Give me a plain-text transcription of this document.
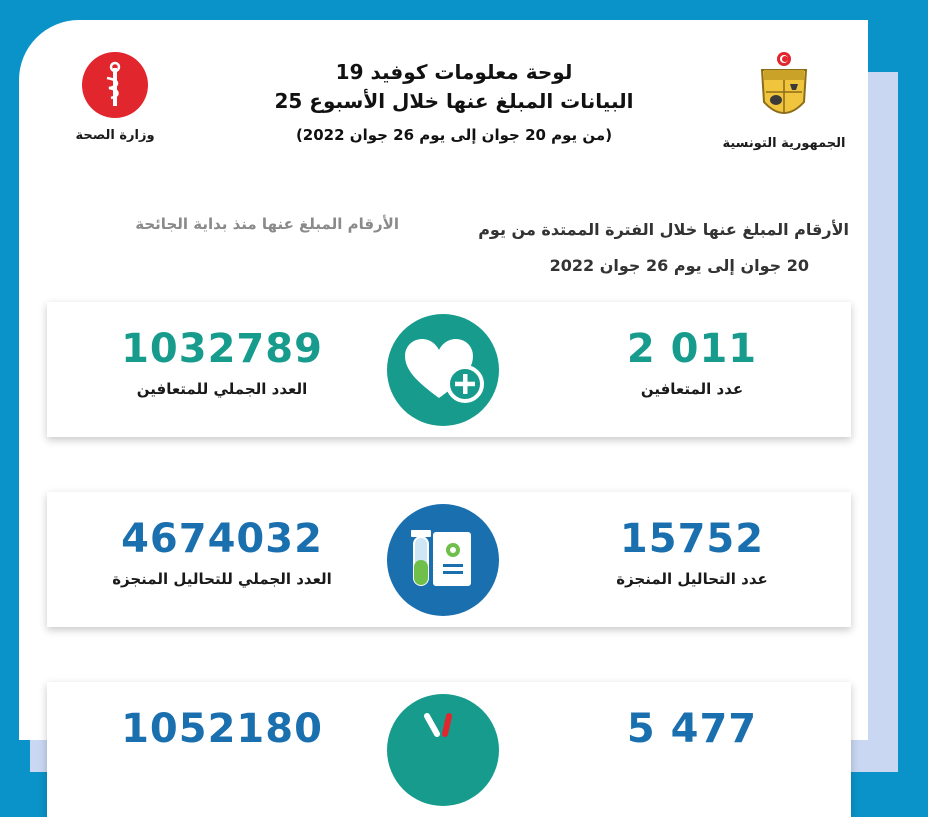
وزارة الصحة
لوحة معلومات كوفيد 19
البيانات المبلغ عنها خلال الأسبوع 25
(من يوم 20 جوان إلى يوم 26 جوان 2022)	الجمهورية التونسية
الأرقام المبلغ عنها منذ بداية الجائحة	الأرقام المبلغ عنها خلال الفترة الممتدة من يوم
20 جوان إلى يوم 26 جوان 2022
1032789
العدد الجملي للمتعافين
2 011
عدد المتعافين
4674032
العدد الجملي للتحاليل المنجزة
15752
عدد التحاليل المنجزة
1052180	5 477
